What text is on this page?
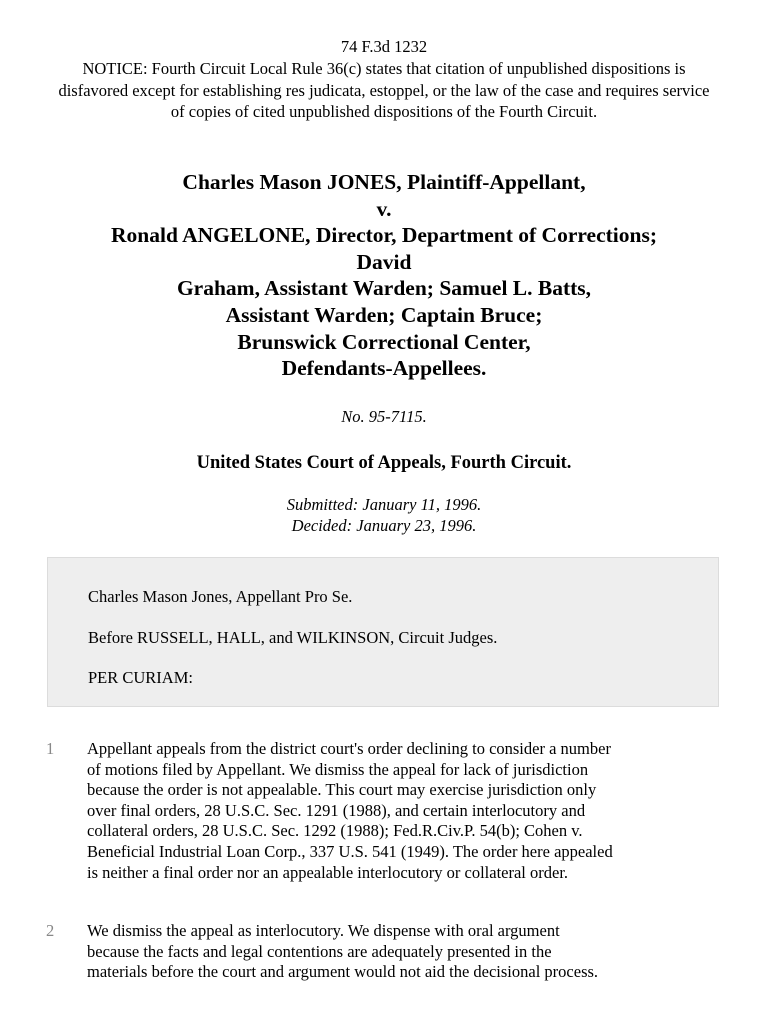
74 F.3d 1232
NOTICE: Fourth Circuit Local Rule 36(c) states that citation of unpublished dispositions is disfavored except for establishing res judicata, estoppel, or the law of the case and requires service of copies of cited unpublished dispositions of the Fourth Circuit.
Charles Mason JONES, Plaintiff-Appellant,
v.
Ronald ANGELONE, Director, Department of Corrections;
David
Graham, Assistant Warden; Samuel L. Batts,
Assistant Warden; Captain Bruce;
Brunswick Correctional Center,
Defendants-Appellees.
No. 95-7115.
United States Court of Appeals, Fourth Circuit.
Submitted: January 11, 1996.
Decided: January 23, 1996.
Charles Mason Jones, Appellant Pro Se.
Before RUSSELL, HALL, and WILKINSON, Circuit Judges.
PER CURIAM:
1 Appellant appeals from the district court's order declining to consider a number
of motions filed by Appellant. We dismiss the appeal for lack of jurisdiction
because the order is not appealable. This court may exercise jurisdiction only
over final orders, 28 U.S.C. Sec. 1291 (1988), and certain interlocutory and
collateral orders, 28 U.S.C. Sec. 1292 (1988); Fed.R.Civ.P. 54(b); Cohen v.
Beneficial Industrial Loan Corp., 337 U.S. 541 (1949). The order here appealed
is neither a final order nor an appealable interlocutory or collateral order.
2 We dismiss the appeal as interlocutory. We dispense with oral argument
because the facts and legal contentions are adequately presented in the
materials before the court and argument would not aid the decisional process.
